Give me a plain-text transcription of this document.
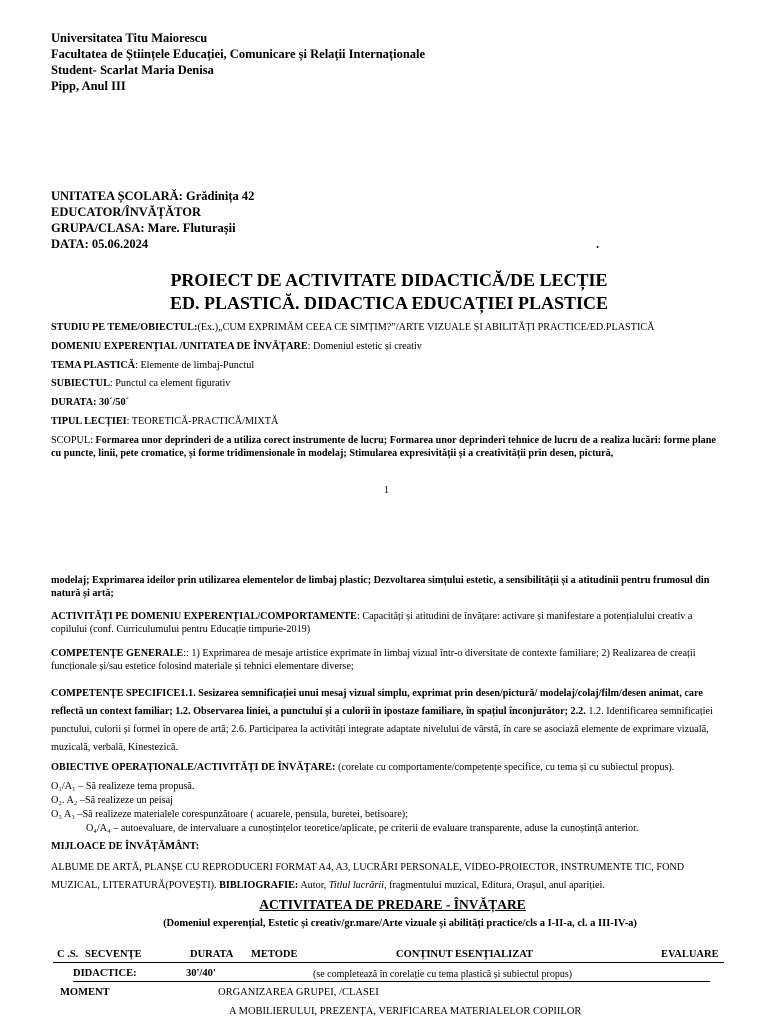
Universitatea Titu Maiorescu
Facultatea de Științele Educației, Comunicare și Relații Internaționale
Student- Scarlat Maria Denisa
Pipp, Anul III
UNITATEA ȘCOLARĂ: Grădinița 42
EDUCATOR/ÎNVĂȚĂTOR
GRUPA/CLASA: Mare. Fluturașii
DATA: 05.06.2024	.
PROIECT DE ACTIVITATE DIDACTICĂ/DE LECȚIE
ED. PLASTICĂ. DIDACTICA EDUCAȚIEI PLASTICE
STUDIU PE TEME/OBIECTUL:(Ex.)„CUM EXPRIMĂM CEEA CE SIMȚIM?”/ARTE VIZUALE ȘI ABILITĂȚI PRACTICE/ED.PLASTICĂ
DOMENIU EXPERENȚIAL /UNITATEA DE ÎNVĂȚARE: Domeniul estetic și creativ
TEMA PLASTICĂ: Elemente de limbaj-Punctul
SUBIECTUL: Punctul ca element figurativ
DURATA: 30´/50´
TIPUL LECȚIEI: TEORETICĂ-PRACTICĂ/MIXTĂ
SCOPUL: Formarea unor deprinderi de a utiliza corect instrumente de lucru; Formarea unor deprinderi tehnice de lucru de a realiza lucări: forme plane cu puncte, linii, pete cromatice, și forme tridimensionale în modelaj; Stimularea expresivității și a creativității prin desen, pictură,
1
modelaj; Exprimarea ideilor prin utilizarea elementelor de limbaj plastic; Dezvoltarea simțului estetic, a sensibilității și a atitudinii pentru frumosul din natură și artă;
ACTIVITĂȚI PE DOMENIU EXPERENȚIAL/COMPORTAMENTE: Capacități și atitudini de învățare: activare și manifestare a potențialului creativ a copilului (conf. Curriculumului pentru Educație timpurie-2019)
COMPETENȚE GENERALE:: 1) Exprimarea de mesaje artistice exprimate în limbaj vizual într-o diversitate de contexte familiare; 2) Realizarea de creații funcționale și/sau estetice folosind materiale și tehnici elementare diverse;
COMPETENȚE SPECIFICE1.1. Sesizarea semnificației unui mesaj vizual simplu, exprimat prin desen/pictură/ modelaj/colaj/film/desen animat, care reflectă un context familiar; 1.2. Observarea liniei, a punctului și a culorii în ipostaze familiare, în spațiul înconjurător; 2.2. 1.2. Identificarea semnificației punctului, culorii și formei în opere de artă; 2.6. Participarea la activități integrate adaptate nivelului de vârstă, în care se asociază elemente de exprimare vizuală, muzicală, verbală, Kinestezică.
OBIECTIVE OPERAȚIONALE/ACTIVITĂȚI DE ÎNVĂȚARE: (corelate cu comportamente/competențe specifice, cu tema și cu subiectul propus).
O₁/A₁ – Să realizeze tema propusă.
O₂. A₂ –Să realizeze un peisaj
O₃ A₃ –Să realizeze materialele corespunzătoare ( acuarele, pensula, buretei, betisoare);
O₄/A₄ – autoevaluare, de intervaluare a cunoștințelor teoretice/aplicate, pe criterii de evaluare transparente, aduse la cunoștință anterior.
MIJLOACE DE ÎNVĂȚĂMÂNT:
ALBUME DE ARTĂ, PLANȘE CU REPRODUCERI FORMAT A4, A3, LUCRĂRI PERSONALE, VIDEO-PROIECTOR, INSTRUMENTE TIC, FOND MUZICAL, LITERATURĂ(POVEȘTI). BIBLIOGRAFIE: Autor, Titlul lucrării, fragmentului muzical, Editura, Orașul, anul apariției.
ACTIVITATEA DE PREDARE - ÎNVĂȚARE
(Domeniul experențial, Estetic și creativ/gr.mare/Arte vizuale și abilități practice/cls a I-II-a, cl. a III-IV-a)
C .S. SECVENȚE	DURATA METODE	CONȚINUT ESENȚIALIZAT	EVALUARE
DIDACTICE:	30'/40'	(se completează în corelație cu tema plastică și subiectul propus)
MOMENT	ORGANIZAREA GRUPEI, /CLASEI
A MOBILIERULUI, PREZENȚA, VERIFICAREA MATERIALELOR COPIILOR
